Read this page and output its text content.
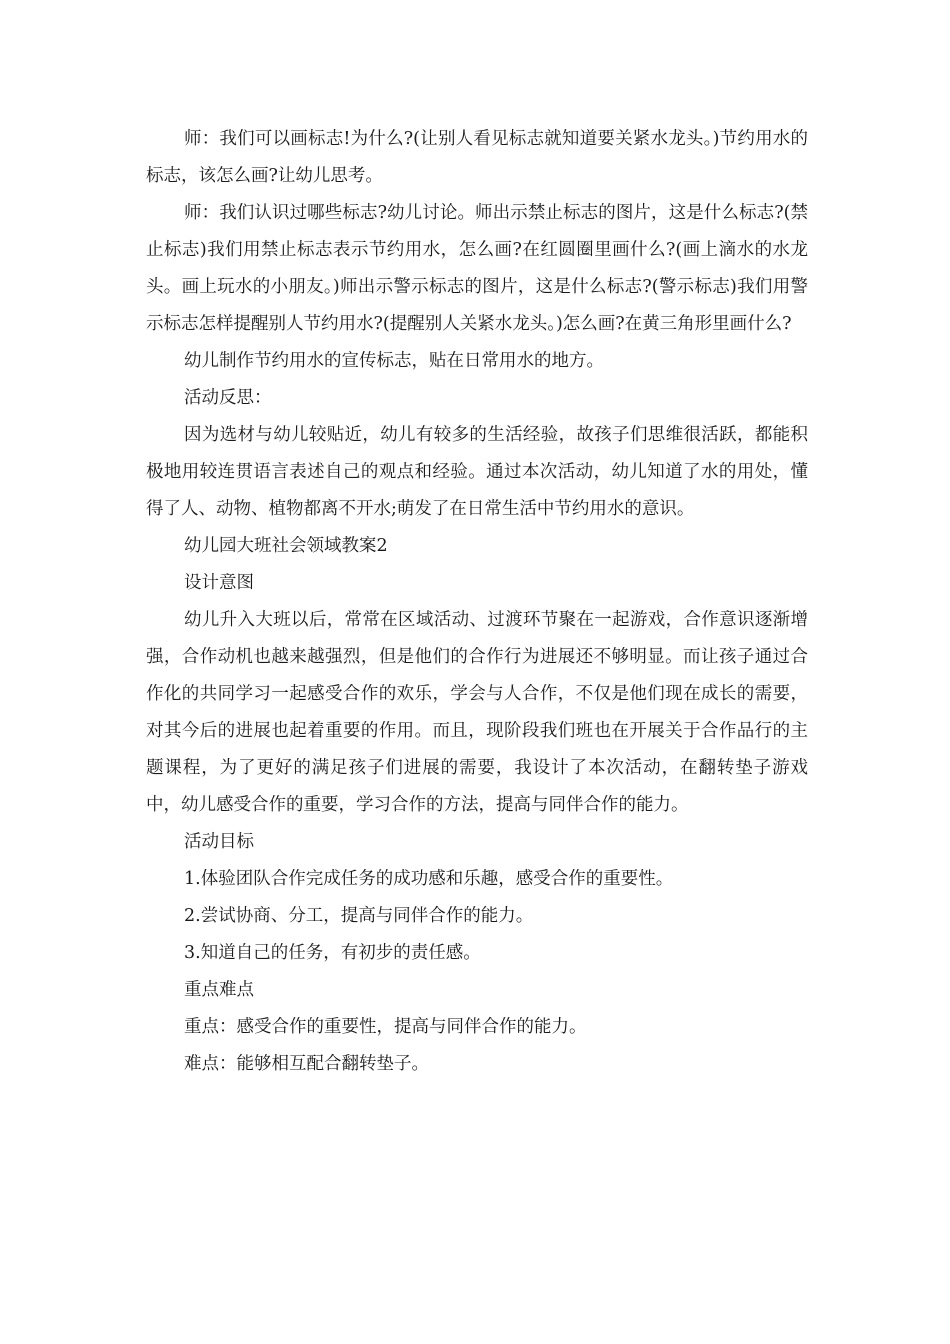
师：我们可以画标志!为什么?(让别人看见标志就知道要关紧水龙头。)节约用水的标志，该怎么画?让幼儿思考。

师：我们认识过哪些标志?幼儿讨论。师出示禁止标志的图片，这是什么标志?(禁止标志)我们用禁止标志表示节约用水，怎么画?在红圆圈里画什么?(画上滴水的水龙头。画上玩水的小朋友。)师出示警示标志的图片，这是什么标志?(警示标志)我们用警示标志怎样提醒别人节约用水?(提醒别人关紧水龙头。)怎么画?在黄三角形里画什么?

幼儿制作节约用水的宣传标志，贴在日常用水的地方。

活动反思：

因为选材与幼儿较贴近，幼儿有较多的生活经验，故孩子们思维很活跃，都能积极地用较连贯语言表述自己的观点和经验。通过本次活动，幼儿知道了水的用处，懂得了人、动物、植物都离不开水;萌发了在日常生活中节约用水的意识。

幼儿园大班社会领域教案2

设计意图

幼儿升入大班以后，常常在区域活动、过渡环节聚在一起游戏，合作意识逐渐增强，合作动机也越来越强烈，但是他们的合作行为进展还不够明显。而让孩子通过合作化的共同学习一起感受合作的欢乐，学会与人合作，不仅是他们现在成长的需要，对其今后的进展也起着重要的作用。而且，现阶段我们班也在开展关于合作品行的主题课程，为了更好的满足孩子们进展的需要，我设计了本次活动，在翻转垫子游戏中，幼儿感受合作的重要，学习合作的方法，提高与同伴合作的能力。

活动目标

1.体验团队合作完成任务的成功感和乐趣，感受合作的重要性。

2.尝试协商、分工，提高与同伴合作的能力。

3.知道自己的任务，有初步的责任感。

重点难点

重点：感受合作的重要性，提高与同伴合作的能力。

难点：能够相互配合翻转垫子。
